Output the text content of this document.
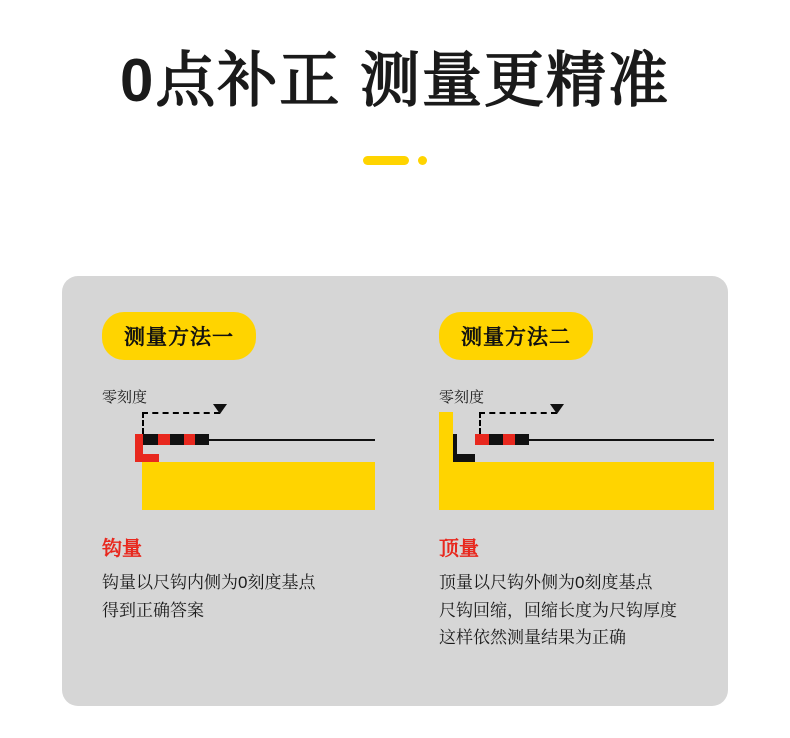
0点补正 测量更精准
测量方法一
零刻度
钩量
钩量以尺钩内侧为0刻度基点
得到正确答案
测量方法二
零刻度
顶量
顶量以尺钩外侧为0刻度基点
尺钩回缩，回缩长度为尺钩厚度
这样依然测量结果为正确
